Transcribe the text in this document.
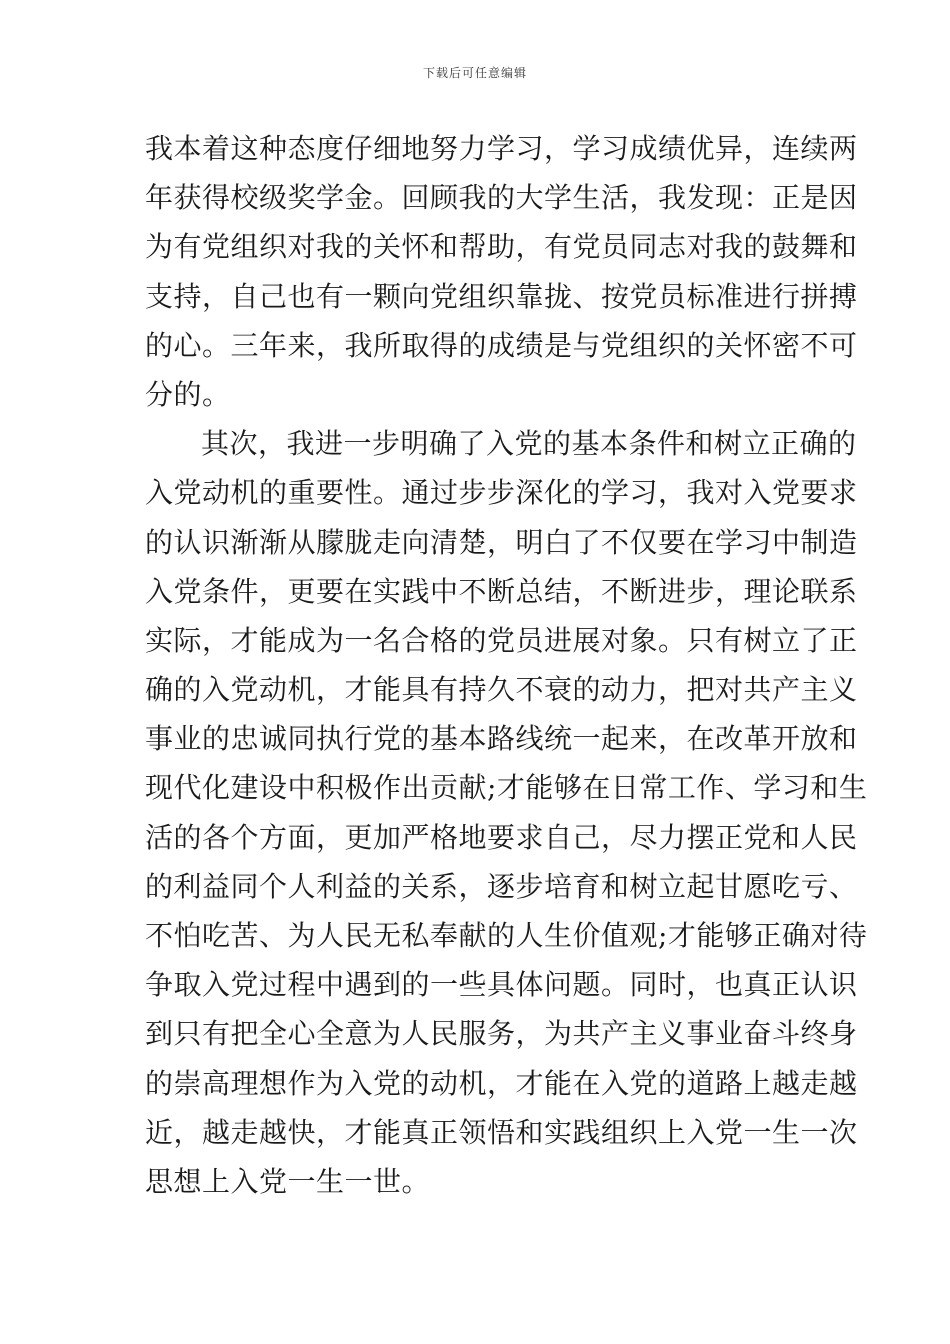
下载后可任意编辑
我本着这种态度仔细地努力学习，学习成绩优异，连续两
年获得校级奖学金。回顾我的大学生活，我发现：正是因
为有党组织对我的关怀和帮助，有党员同志对我的鼓舞和
支持，自己也有一颗向党组织靠拢、按党员标准进行拼搏
的心。三年来，我所取得的成绩是与党组织的关怀密不可
分的。
其次，我进一步明确了入党的基本条件和树立正确的
入党动机的重要性。通过步步深化的学习，我对入党要求
的认识渐渐从朦胧走向清楚，明白了不仅要在学习中制造
入党条件，更要在实践中不断总结，不断进步，理论联系
实际，才能成为一名合格的党员进展对象。只有树立了正
确的入党动机，才能具有持久不衰的动力，把对共产主义
事业的忠诚同执行党的基本路线统一起来，在改革开放和
现代化建设中积极作出贡献;才能够在日常工作、学习和生
活的各个方面，更加严格地要求自己，尽力摆正党和人民
的利益同个人利益的关系，逐步培育和树立起甘愿吃亏、
不怕吃苦、为人民无私奉献的人生价值观;才能够正确对待
争取入党过程中遇到的一些具体问题。同时，也真正认识
到只有把全心全意为人民服务，为共产主义事业奋斗终身
的崇高理想作为入党的动机，才能在入党的道路上越走越
近，越走越快，才能真正领悟和实践组织上入党一生一次
思想上入党一生一世。
